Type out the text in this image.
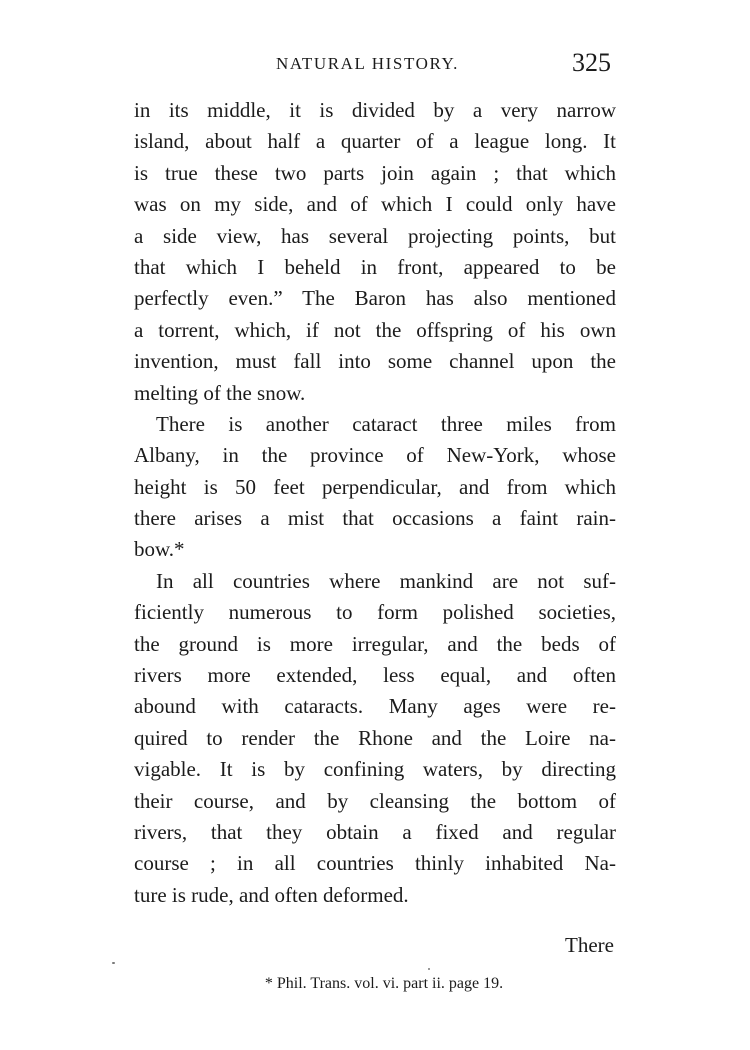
NATURAL HISTORY.	325
in its middle, it is divided by a very narrow
island, about half a quarter of a league long. It
is true these two parts join again ; that which
was on my side, and of which I could only have
a side view, has several projecting points, but
that which I beheld in front, appeared to be
perfectly even.” The Baron has also mentioned
a torrent, which, if not the offspring of his own
invention, must fall into some channel upon the
melting of the snow.
There is another cataract three miles from
Albany, in the province of New-York, whose
height is 50 feet perpendicular, and from which
there arises a mist that occasions a faint rain-
bow.*
In all countries where mankind are not suf-
ficiently numerous to form polished societies,
the ground is more irregular, and the beds of
rivers more extended, less equal, and often
abound with cataracts. Many ages were re-
quired to render the Rhone and the Loire na-
vigable. It is by confining waters, by directing
their course, and by cleansing the bottom of
rivers, that they obtain a fixed and regular
course ; in all countries thinly inhabited Na-
ture is rude, and often deformed.
There
* Phil. Trans. vol. vi. part ii. page 19.
